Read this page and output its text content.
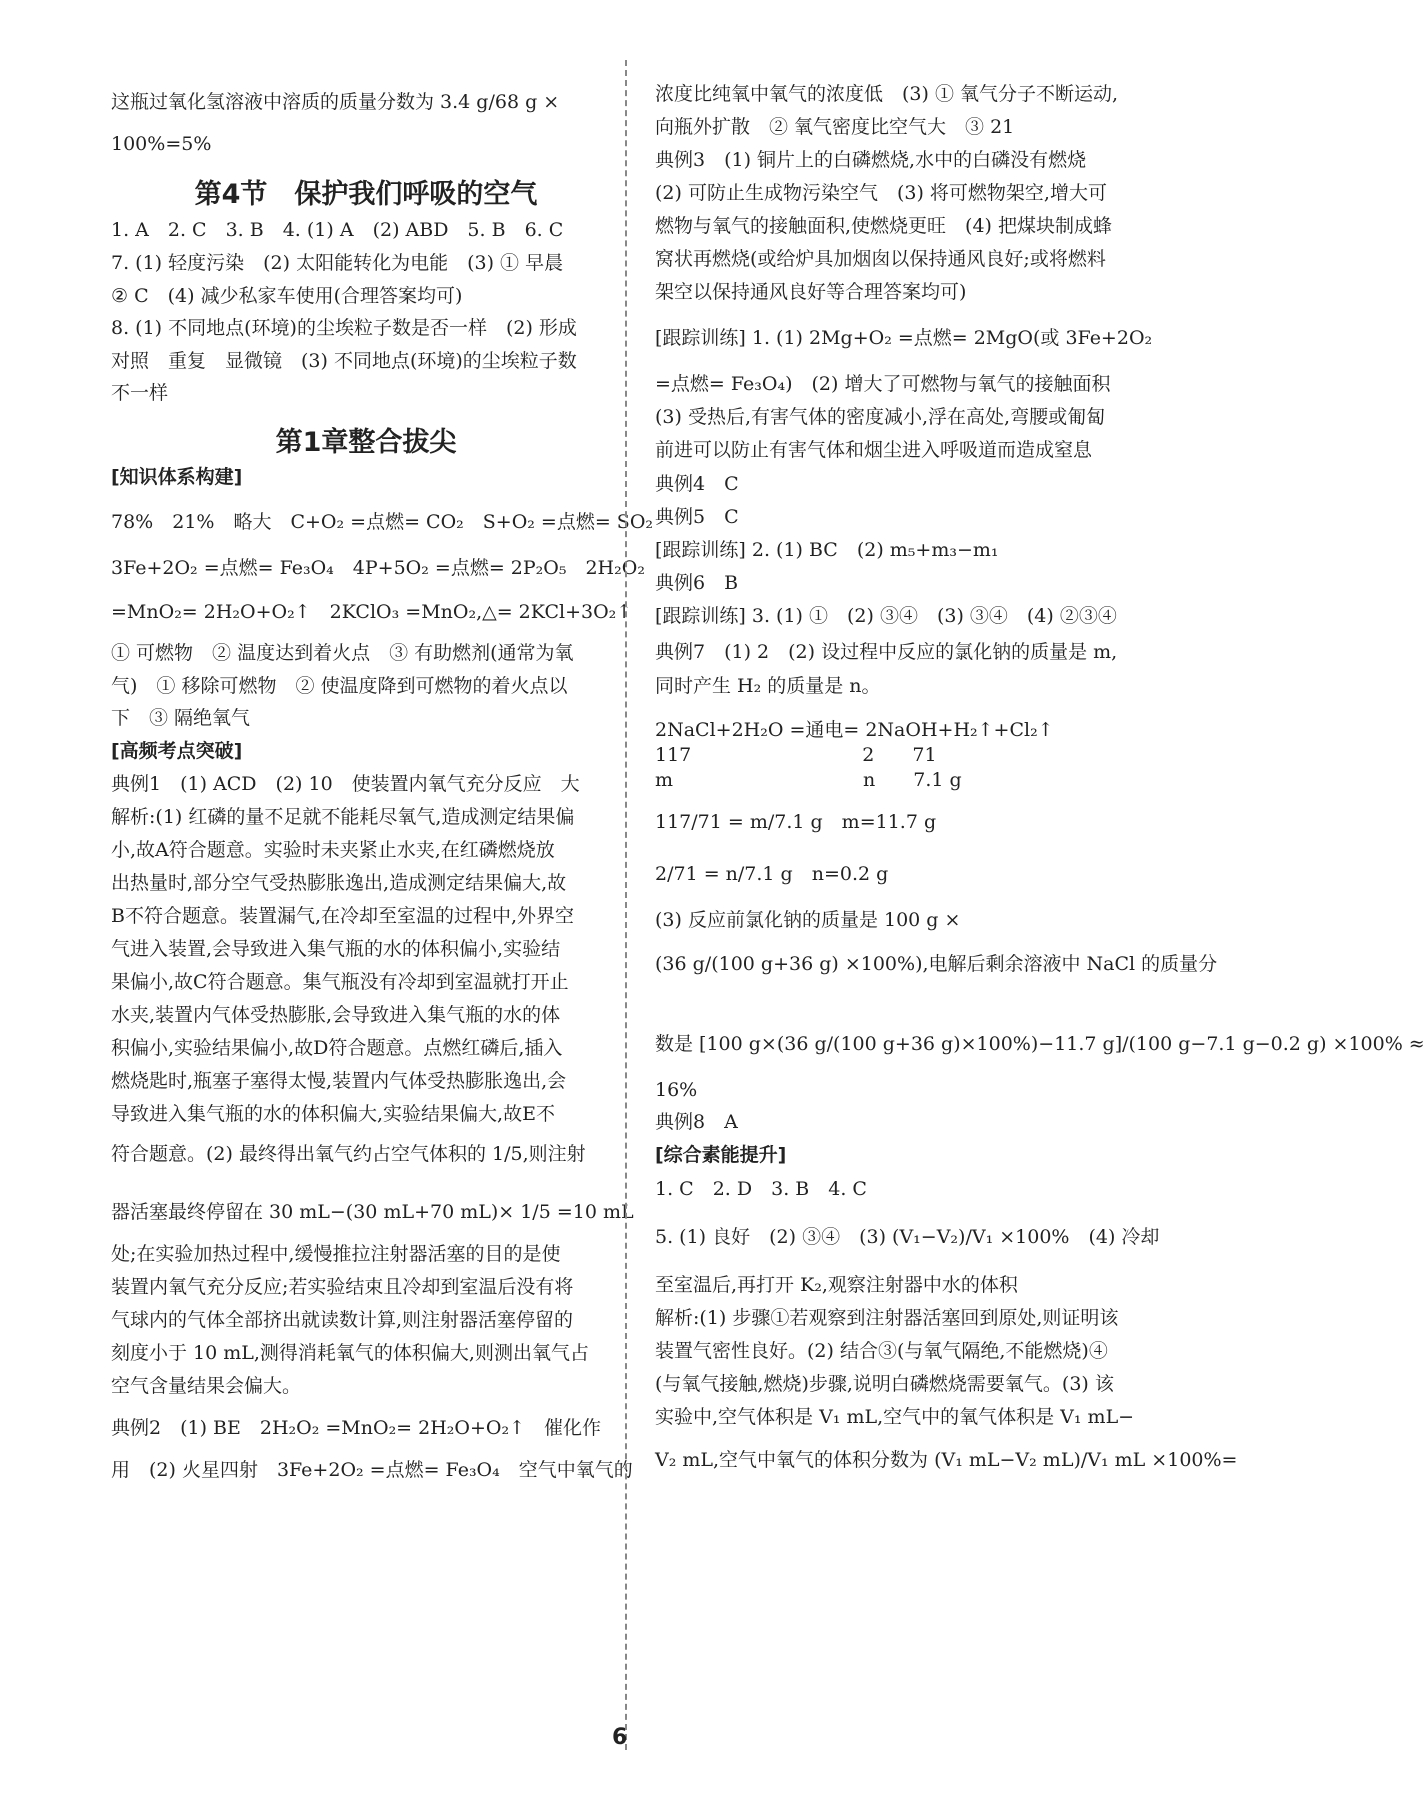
这瓶过氧化氢溶液中溶质的质量分数为 3.4 g/68 g ×
100%=5%
第4节　保护我们呼吸的空气
1. A　2. C　3. B　4. (1) A　(2) ABD　5. B　6. C
7. (1) 轻度污染　(2) 太阳能转化为电能　(3) ① 早晨
② C　(4) 减少私家车使用(合理答案均可)
8. (1) 不同地点(环境)的尘埃粒子数是否一样　(2) 形成
对照　重复　显微镜　(3) 不同地点(环境)的尘埃粒子数
不一样
第1章整合拔尖
[知识体系构建]
78%　21%　略大　C+O₂ =点燃= CO₂　S+O₂ =点燃= SO₂
3Fe+2O₂ =点燃= Fe₃O₄　4P+5O₂ =点燃= 2P₂O₅　2H₂O₂
=MnO₂= 2H₂O+O₂↑　2KClO₃ =MnO₂,△= 2KCl+3O₂↑
① 可燃物　② 温度达到着火点　③ 有助燃剂(通常为氧
气)　① 移除可燃物　② 使温度降到可燃物的着火点以
下　③ 隔绝氧气
[高频考点突破]
典例1　(1) ACD　(2) 10　使装置内氧气充分反应　大
解析:(1) 红磷的量不足就不能耗尽氧气,造成测定结果偏
小,故A符合题意。实验时未夹紧止水夹,在红磷燃烧放
出热量时,部分空气受热膨胀逸出,造成测定结果偏大,故
B不符合题意。装置漏气,在冷却至室温的过程中,外界空
气进入装置,会导致进入集气瓶的水的体积偏小,实验结
果偏小,故C符合题意。集气瓶没有冷却到室温就打开止
水夹,装置内气体受热膨胀,会导致进入集气瓶的水的体
积偏小,实验结果偏小,故D符合题意。点燃红磷后,插入
燃烧匙时,瓶塞子塞得太慢,装置内气体受热膨胀逸出,会
导致进入集气瓶的水的体积偏大,实验结果偏大,故E不
符合题意。(2) 最终得出氧气约占空气体积的 1/5,则注射
器活塞最终停留在 30 mL−(30 mL+70 mL)× 1/5 =10 mL
处;在实验加热过程中,缓慢推拉注射器活塞的目的是使
装置内氧气充分反应;若实验结束且冷却到室温后没有将
气球内的气体全部挤出就读数计算,则注射器活塞停留的
刻度小于 10 mL,测得消耗氧气的体积偏大,则测出氧气占
空气含量结果会偏大。
典例2　(1) BE　2H₂O₂ =MnO₂= 2H₂O+O₂↑　催化作
用　(2) 火星四射　3Fe+2O₂ =点燃= Fe₃O₄　空气中氧气的
浓度比纯氧中氧气的浓度低　(3) ① 氧气分子不断运动,
向瓶外扩散　② 氧气密度比空气大　③ 21
典例3　(1) 铜片上的白磷燃烧,水中的白磷没有燃烧
(2) 可防止生成物污染空气　(3) 将可燃物架空,增大可
燃物与氧气的接触面积,使燃烧更旺　(4) 把煤块制成蜂
窝状再燃烧(或给炉具加烟囱以保持通风良好;或将燃料
架空以保持通风良好等合理答案均可)
[跟踪训练] 1. (1) 2Mg+O₂ =点燃= 2MgO(或 3Fe+2O₂
=点燃= Fe₃O₄)　(2) 增大了可燃物与氧气的接触面积
(3) 受热后,有害气体的密度减小,浮在高处,弯腰或匍匐
前进可以防止有害气体和烟尘进入呼吸道而造成窒息
典例4　C
典例5　C
[跟踪训练] 2. (1) BC　(2) m₅+m₃−m₁
典例6　B
[跟踪训练] 3. (1) ①　(2) ③④　(3) ③④　(4) ②③④
典例7　(1) 2　(2) 设过程中反应的氯化钠的质量是 m,
同时产生 H₂ 的质量是 n。
2NaCl+2H₂O =通电= 2NaOH+H₂↑+Cl₂↑
117　　　　　　　　　2　　71
m　　　　　　　　　　n　　7.1 g
117/71 = m/7.1 g　m=11.7 g
2/71 = n/7.1 g　n=0.2 g
(3) 反应前氯化钠的质量是 100 g ×
(36 g/(100 g+36 g) ×100%),电解后剩余溶液中 NaCl 的质量分
数是 [100 g×(36 g/(100 g+36 g)×100%)−11.7 g]/(100 g−7.1 g−0.2 g) ×100% ≈
16%
典例8　A
[综合素能提升]
1. C　2. D　3. B　4. C
5. (1) 良好　(2) ③④　(3) (V₁−V₂)/V₁ ×100%　(4) 冷却
至室温后,再打开 K₂,观察注射器中水的体积
解析:(1) 步骤①若观察到注射器活塞回到原处,则证明该
装置气密性良好。(2) 结合③(与氧气隔绝,不能燃烧)④
(与氧气接触,燃烧)步骤,说明白磷燃烧需要氧气。(3) 该
实验中,空气体积是 V₁ mL,空气中的氧气体积是 V₁ mL−
V₂ mL,空气中氧气的体积分数为 (V₁ mL−V₂ mL)/V₁ mL ×100%=
6
